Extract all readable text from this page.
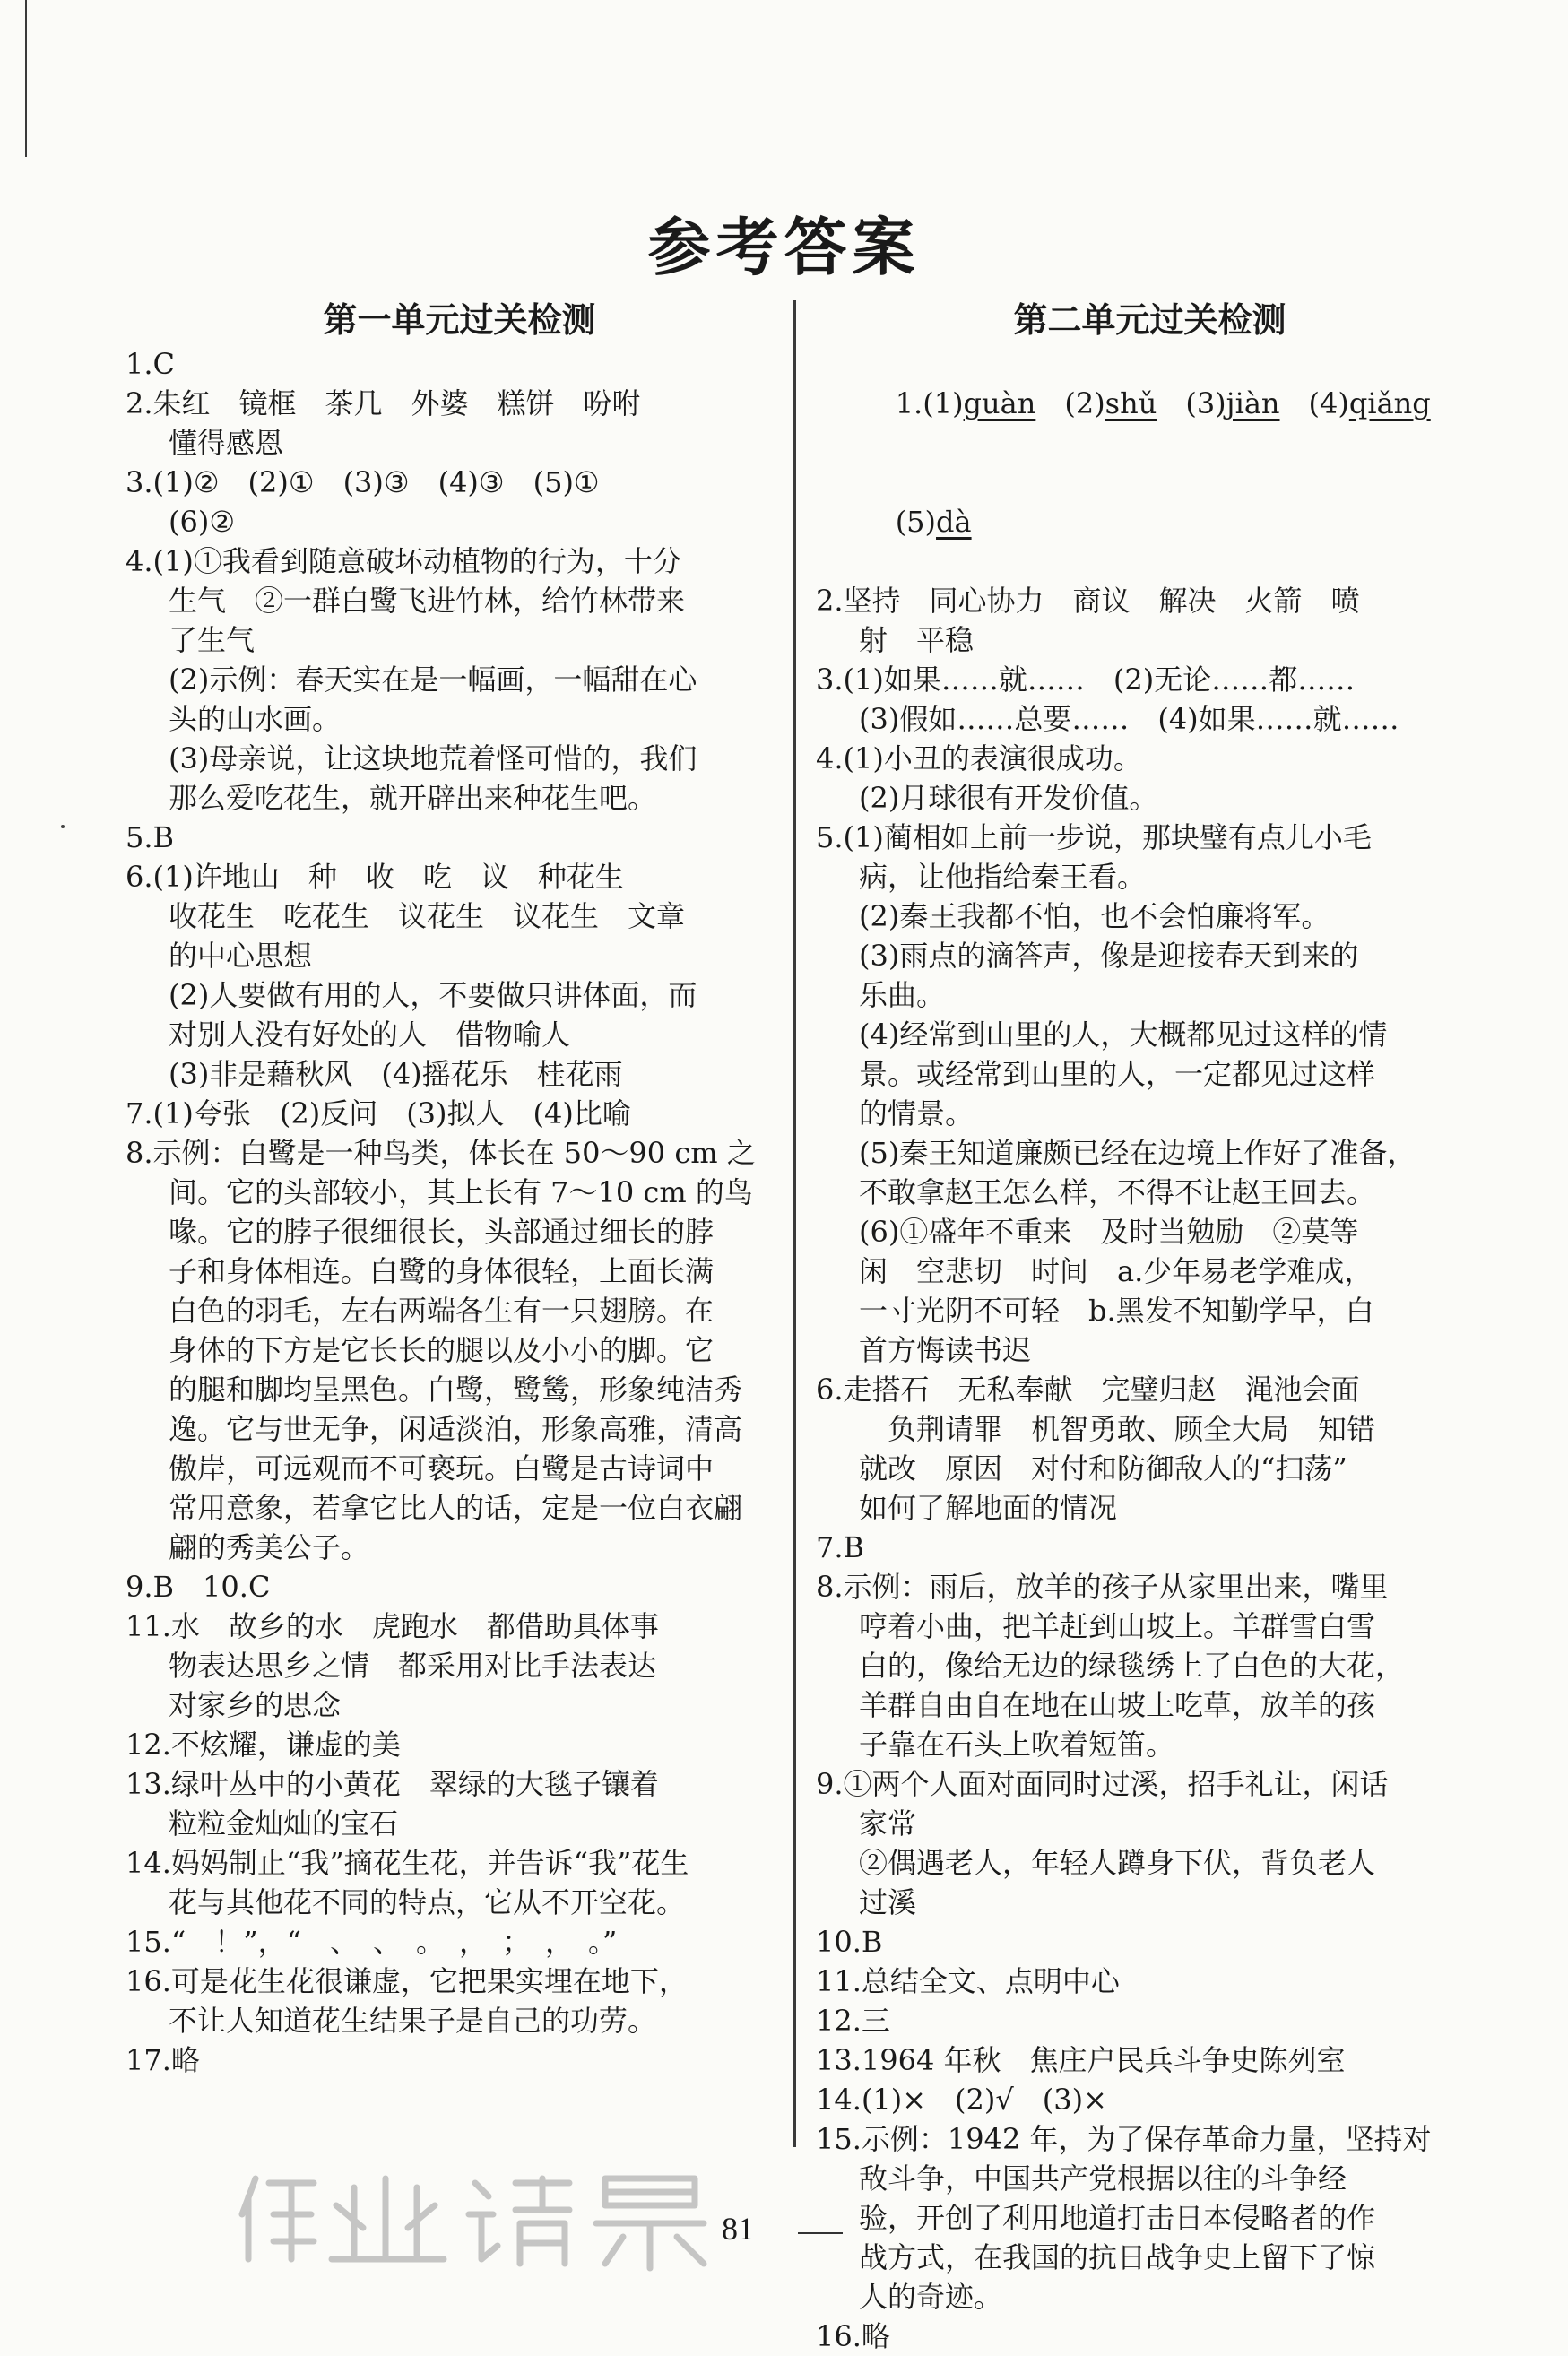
参考答案
第一单元过关检测

1.C

2.朱红　镜框　茶几　外婆　糕饼　吩咐

懂得感恩

3.(1)②　(2)①　(3)③　(4)③　(5)①

(6)②

4.(1)①我看到随意破坏动植物的行为，十分

生气　②一群白鹭飞进竹林，给竹林带来

了生气

(2)示例：春天实在是一幅画，一幅甜在心

头的山水画。

(3)母亲说，让这块地荒着怪可惜的，我们

那么爱吃花生，就开辟出来种花生吧。

5.B

6.(1)许地山　种　收　吃　议　种花生

收花生　吃花生　议花生　议花生　文章

的中心思想

(2)人要做有用的人，不要做只讲体面，而

对别人没有好处的人　借物喻人

(3)非是藉秋风　(4)摇花乐　桂花雨

7.(1)夸张　(2)反问　(3)拟人　(4)比喻

8.示例：白鹭是一种鸟类，体长在 50～90 cm 之

间。它的头部较小，其上长有 7～10 cm 的鸟

喙。它的脖子很细很长，头部通过细长的脖

子和身体相连。白鹭的身体很轻，上面长满

白色的羽毛，左右两端各生有一只翅膀。在

身体的下方是它长长的腿以及小小的脚。它

的腿和脚均呈黑色。白鹭，鹭鸶，形象纯洁秀

逸。它与世无争，闲适淡泊，形象高雅，清高

傲岸，可远观而不可亵玩。白鹭是古诗词中

常用意象，若拿它比人的话，定是一位白衣翩

翩的秀美公子。

9.B　10.C

11.水　故乡的水　虎跑水　都借助具体事

物表达思乡之情　都采用对比手法表达

对家乡的思念

12.不炫耀，谦虚的美

13.绿叶丛中的小黄花　翠绿的大毯子镶着

粒粒金灿灿的宝石

14.妈妈制止“我”摘花生花，并告诉“我”花生

花与其他花不同的特点，它从不开空花。

15.“　！”，“　、　、　。　，　；　，　。”

16.可是花生花很谦虚，它把果实埋在地下，

不让人知道花生结果子是自己的功劳。

17.略

第二单元过关检测

1.(1)guàn　 (2)shǔ　 (3)jiàn　 (4)qiǎng

(5)dà

2.坚持　同心协力　商议　解决　火箭　喷

射　平稳

3.(1)如果……就……　(2)无论……都……

(3)假如……总要……　(4)如果……就……

4.(1)小丑的表演很成功。

(2)月球很有开发价值。

5.(1)蔺相如上前一步说，那块璧有点儿小毛

病，让他指给秦王看。

(2)秦王我都不怕，也不会怕廉将军。

(3)雨点的滴答声，像是迎接春天到来的

乐曲。

(4)经常到山里的人，大概都见过这样的情

景。或经常到山里的人，一定都见过这样

的情景。

(5)秦王知道廉颇已经在边境上作好了准备，

不敢拿赵王怎么样，不得不让赵王回去。

(6)①盛年不重来　及时当勉励　②莫等

闲　空悲切　时间　a.少年易老学难成，

一寸光阴不可轻　b.黑发不知勤学早，白

首方悔读书迟

6.走搭石　无私奉献　完璧归赵　渑池会面

　负荆请罪　机智勇敢、顾全大局　知错

就改　原因　对付和防御敌人的“扫荡”

如何了解地面的情况

7.B

8.示例：雨后，放羊的孩子从家里出来，嘴里

哼着小曲，把羊赶到山坡上。羊群雪白雪

白的，像给无边的绿毯绣上了白色的大花，

羊群自由自在地在山坡上吃草，放羊的孩

子靠在石头上吹着短笛。

9.①两个人面对面同时过溪，招手礼让，闲话

家常

②偶遇老人，年轻人蹲身下伏，背负老人

过溪

10.B

11.总结全文、点明中心

12.三

13.1964 年秋　焦庄户民兵斗争史陈列室

14.(1)×　(2)√　(3)×

15.示例：1942 年，为了保存革命力量，坚持对

敌斗争，中国共产党根据以往的斗争经

验，开创了利用地道打击日本侵略者的作

战方式，在我国的抗日战争史上留下了惊

人的奇迹。

16.略

81
